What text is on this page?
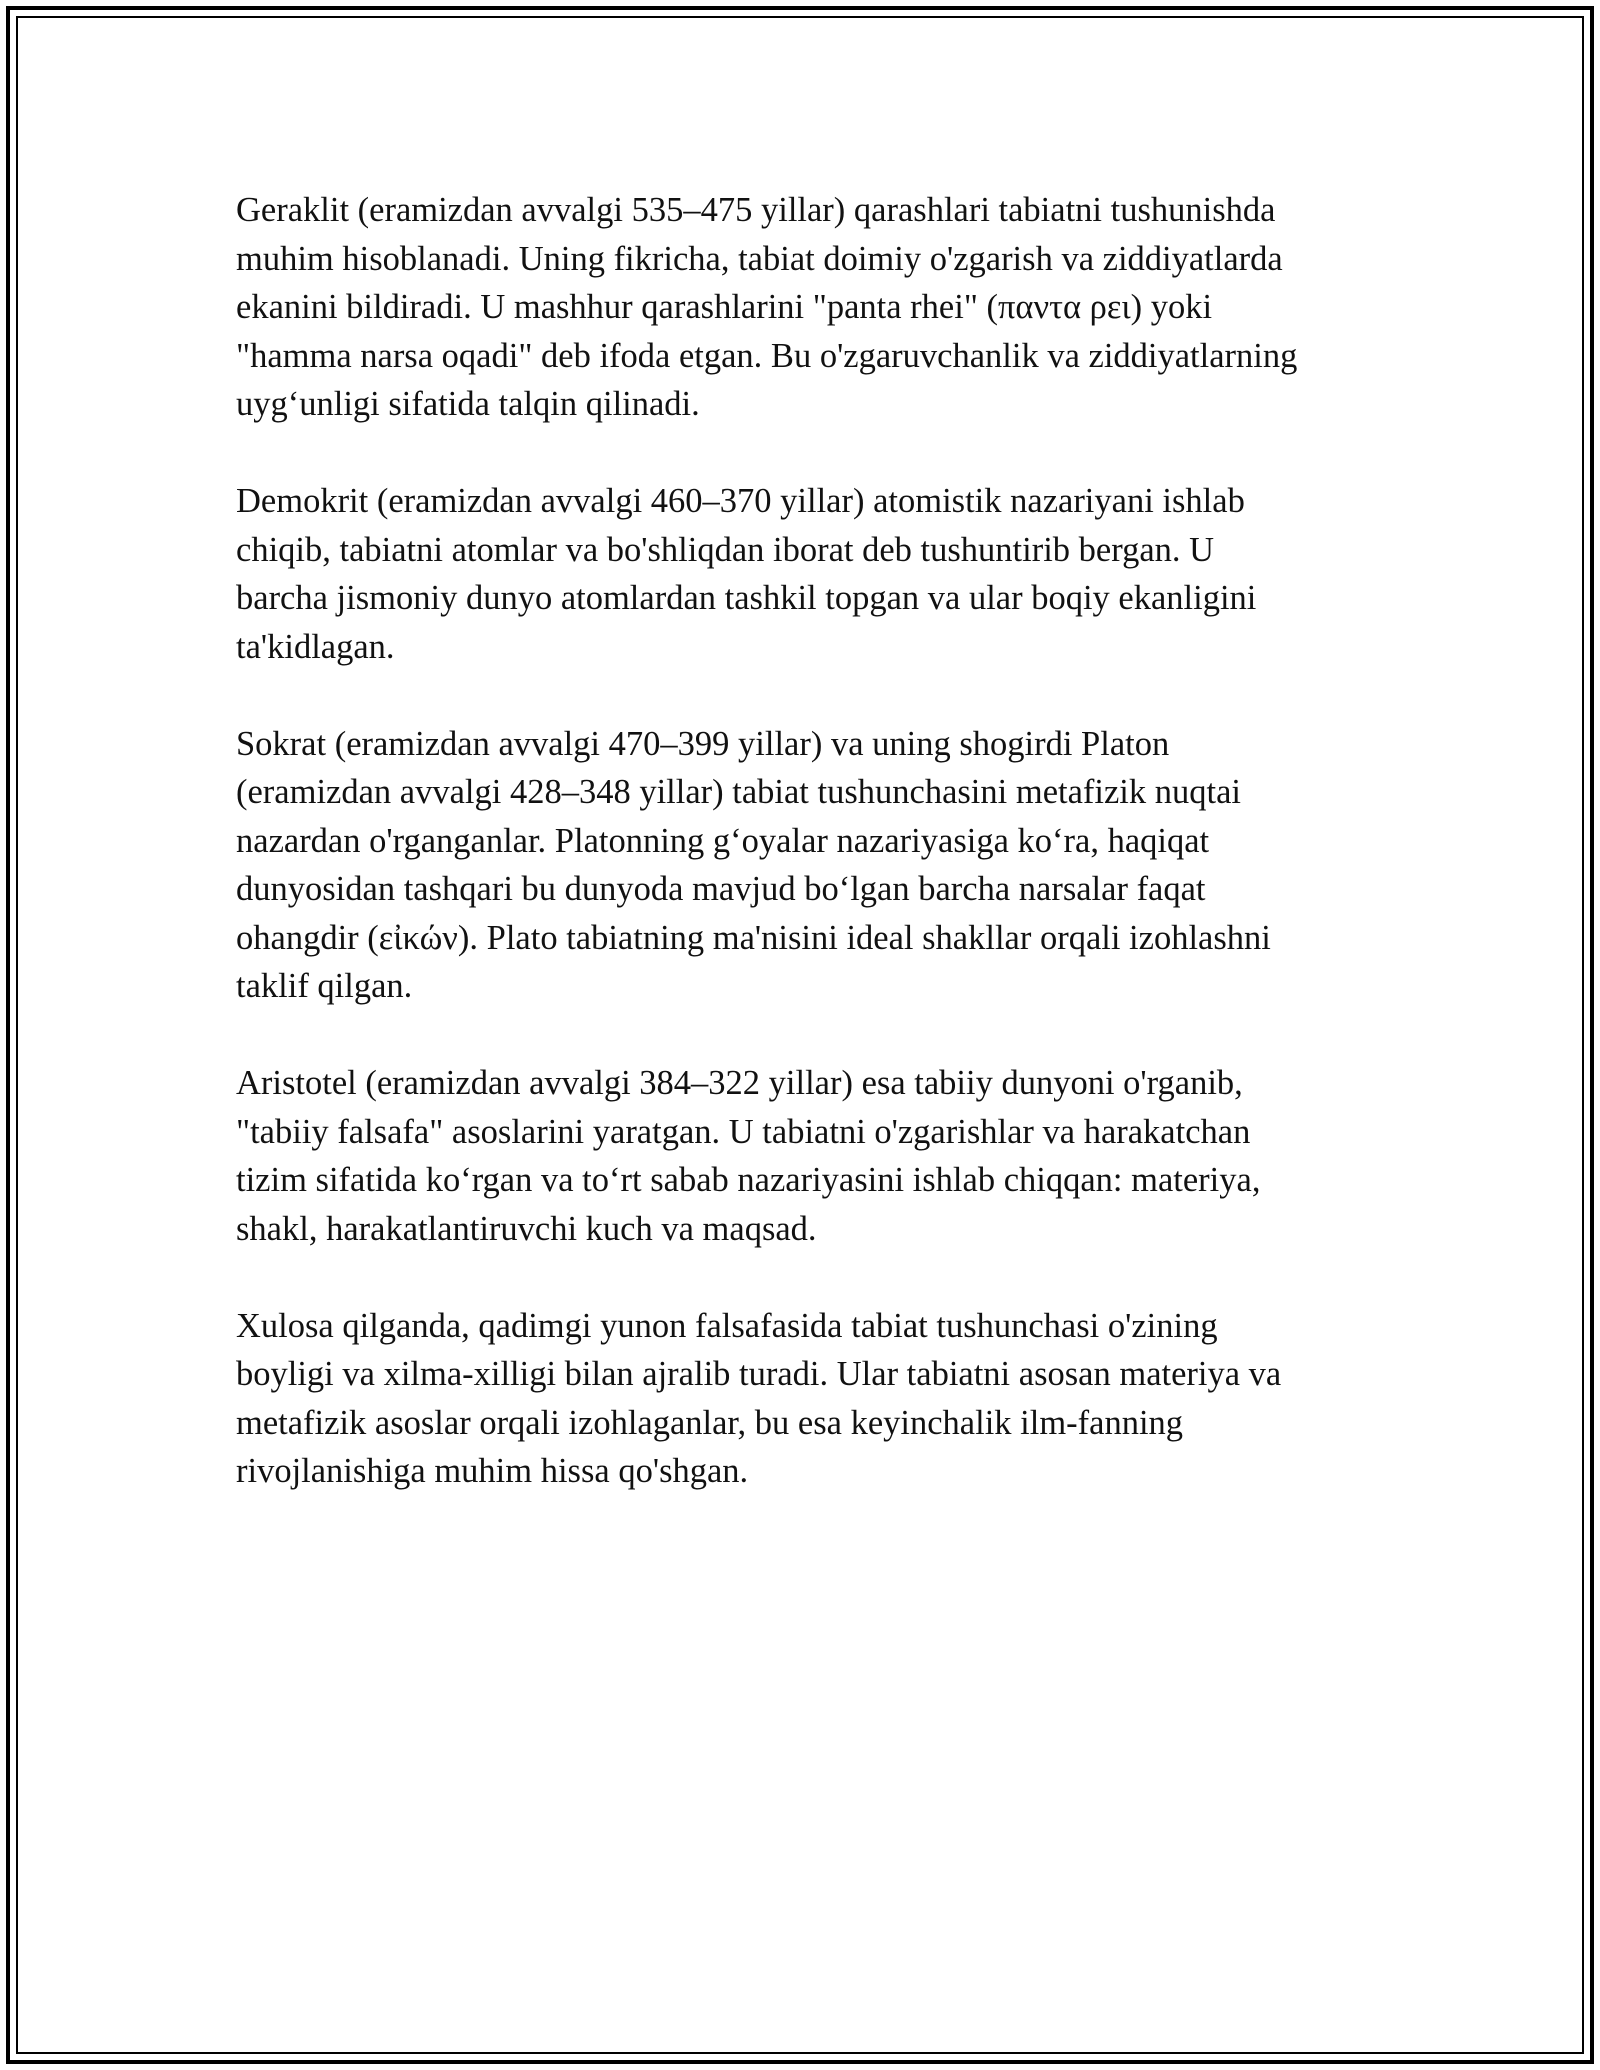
Geraklit (eramizdan avvalgi 535–475 yillar) qarashlari tabiatni tushunishda
muhim hisoblanadi. Uning fikricha, tabiat doimiy o'zgarish va ziddiyatlarda
ekanini bildiradi. U mashhur qarashlarini "panta rhei" (παντα ρει) yoki
"hamma narsa oqadi" deb ifoda etgan. Bu o'zgaruvchanlik va ziddiyatlarning
uygʻunligi sifatida talqin qilinadi.

Demokrit (eramizdan avvalgi 460–370 yillar) atomistik nazariyani ishlab
chiqib, tabiatni atomlar va bo'shliqdan iborat deb tushuntirib bergan. U
barcha jismoniy dunyo atomlardan tashkil topgan va ular boqiy ekanligini
ta'kidlagan.

Sokrat (eramizdan avvalgi 470–399 yillar) va uning shogirdi Platon
(eramizdan avvalgi 428–348 yillar) tabiat tushunchasini metafizik nuqtai
nazardan o'rganganlar. Platonning gʻoyalar nazariyasiga koʻra, haqiqat
dunyosidan tashqari bu dunyoda mavjud boʻlgan barcha narsalar faqat
ohangdir (εἰκών). Plato tabiatning ma'nisini ideal shakllar orqali izohlashni
taklif qilgan.

Aristotel (eramizdan avvalgi 384–322 yillar) esa tabiiy dunyoni o'rganib,
"tabiiy falsafa" asoslarini yaratgan. U tabiatni o'zgarishlar va harakatchan
tizim sifatida koʻrgan va toʻrt sabab nazariyasini ishlab chiqqan: materiya,
shakl, harakatlantiruvchi kuch va maqsad.

Xulosa qilganda, qadimgi yunon falsafasida tabiat tushunchasi o'zining
boyligi va xilma-xilligi bilan ajralib turadi. Ular tabiatni asosan materiya va
metafizik asoslar orqali izohlaganlar, bu esa keyinchalik ilm-fanning
rivojlanishiga muhim hissa qo'shgan.
